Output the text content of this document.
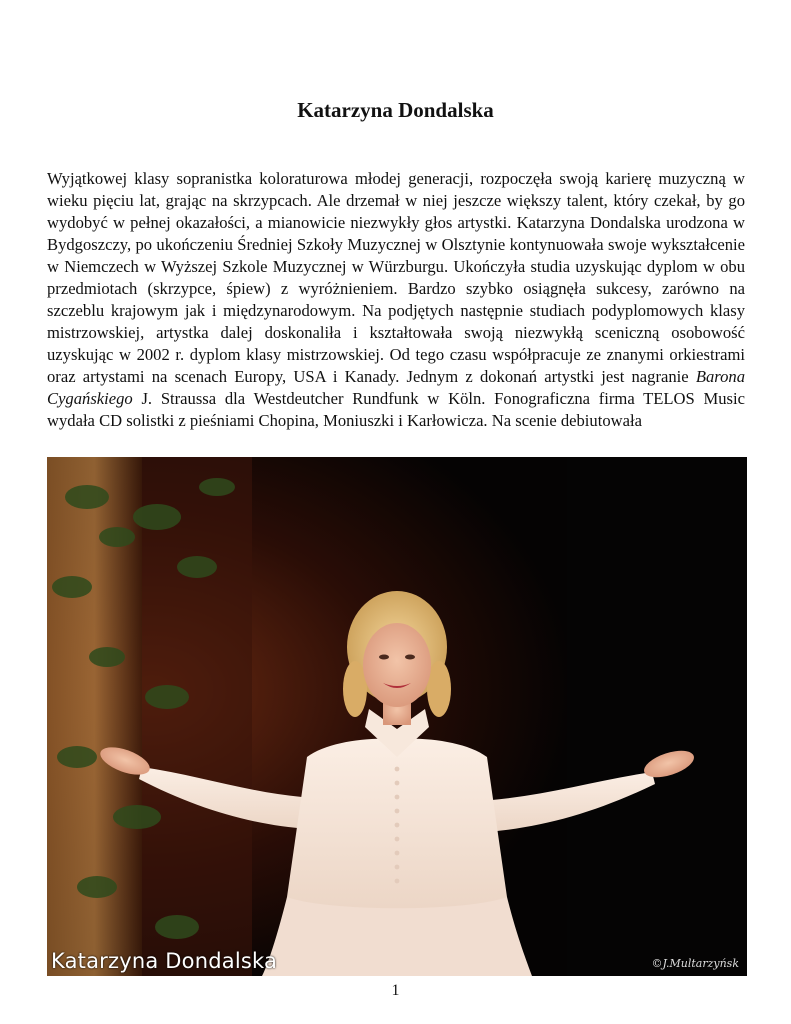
Katarzyna Dondalska

Wyjątkowej klasy sopranistka koloraturowa młodej generacji, rozpoczęła swoją karierę muzyczną w wieku pięciu lat, grając na skrzypcach. Ale drzemał w niej jeszcze większy talent, który czekał, by go wydobyć w pełnej okazałości, a mianowicie niezwykły głos artystki. Katarzyna Dondalska urodzona w Bydgoszczy, po ukończeniu Średniej Szkoły Muzycznej w Olsztynie kontynuowała swoje wykształcenie w Niemczech w Wyższej Szkole Muzycznej w Würzburgu. Ukończyła studia uzyskując dyplom w obu przedmiotach (skrzypce, śpiew) z wyróżnieniem. Bardzo szybko osiągnęła sukcesy, zarówno na szczeblu krajowym jak i międzynarodowym. Na podjętych następnie studiach podyplomowych klasy mistrzowskiej, artystka dalej doskonaliła i kształtowała swoją niezwykłą sceniczną osobowość uzyskując w 2002 r. dyplom klasy mistrzowskiej. Od tego czasu współpracuje ze znanymi orkiestrami oraz artystami na scenach Europy, USA i Kanady. Jednym z dokonań artystki jest nagranie Barona Cygańskiego J. Straussa dla Westdeutcher Rundfunk w Köln. Fonograficzna firma TELOS Music wydała CD solistki z pieśniami Chopina, Moniuszki i Karłowicza. Na scenie debiutowała

Katarzyna Dondalska	©J.Multarzyńsk
1
